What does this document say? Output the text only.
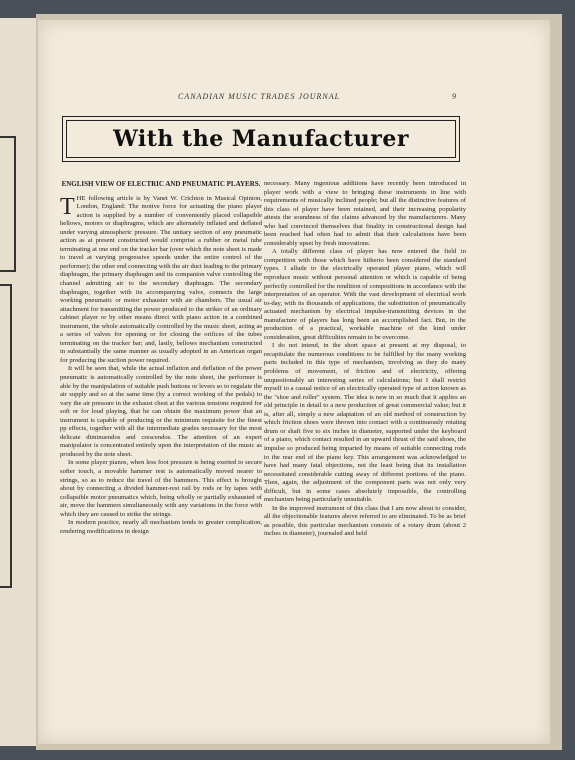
CANADIAN MUSIC TRADES JOURNAL	9
With the Manufacturer
ENGLISH VIEW OF ELECTRIC AND PNEUMATIC PLAYERS.

THE following article is by Vanet W. Crichton in Musical Opinion, London, England: The motive force for actuating the piano player action is supplied by a number of conveniently placed collapsible bellows, motors or diaphragms, which are alternately inflated and deflated under varying atmospheric pressure. The unitary section of any pneumatic action as at present constructed would comprise a rubber or metal tube terminating at one end on the tracker bar (over which the note sheet is made to travel at varying progressive speeds under the entire control of the performer); the other end connecting with the air duct leading to the primary diaphragm, the primary diaphragm and its companion valve controlling the channel admitting air to the secondary diaphragm. The secondary diaphragm, together with its accompanying valve, connects the large working pneumatic or motor exhauster with air chambers. The usual air attachment for transmitting the power produced to the striker of an ordinary cabinet player or by other means direct with piano action in a combined instrument, the whole automatically controlled by the music sheet, acting as a series of valves for opening or for closing the orifices of the tubes terminating on the tracker bar; and, lastly, bellows mechanism constructed in substantially the same manner as usually adopted in an American organ for producing the suction power required.

It will be seen that, while the actual inflation and deflation of the power pneumatic is automatically controlled by the note sheet, the performer is able by the manipulation of suitable push buttons or levers so to regulate the air supply and so at the same time (by a correct working of the pedals) to vary the air pressure in the exhaust chest at the various tensions required for soft or for loud playing, that he can obtain the maximum power that an instrument is capable of producing or the minimum requisite for the finest pp effects, together with all the intermediate grades necessary for the most delicate diminuendos and crescendos. The attention of an expert manipulator is concentrated entirely upon the interpretation of the music as produced by the note sheet.

In some player pianos, when less foot pressure is being exerted to secure softer touch, a movable hammer rest is automatically moved nearer to strings, so as to reduce the travel of the hammers. This effect is brought about by connecting a divided hammer-rest rail by rods or by tapes with collapsible motor pneumatics which, being wholly or partially exhausted of air, move the hammers simultaneously with any variations in the force with which they are caused to strike the strings.

In modern practice, nearly all mechanism tends to greater complication, rendering modifications in design

necessary. Many ingenious additions have recently been introduced in player work with a view to bringing these instruments in line with requirements of musically inclined people; but all the distinctive features of this class of player have been retained, and their increasing popularity attests the soundness of the claims advanced by the manufacturers. Many who had convinced themselves that finality in constructional design had been reached had often had to admit that their calculations have been considerably upset by fresh innovations.

A totally different class of player has now entered the field in competition with those which have hitherto been considered the standard types. I allude to the electrically operated player piano, which will reproduce music without personal attention or which is capable of being perfectly controlled for the rendition of compositions in accordance with the interpretation of an operator. With the vast development of electrical work to-day, with its thousands of applications, the substitution of pneumatically actuated mechanism by electrical impulse-transmitting devices in the manufacture of players has long been an accomplished fact. But, in the production of a practical, workable machine of the kind under consideration, great difficulties remain to be overcome.

I do not intend, in the short space at present at my disposal, to recapitulate the numerous conditions to be fulfilled by the many working parts included in this type of mechanism, involving as they do many problems of movement, of friction and of electricity, offering unquestionably an interesting series of calculations; but I shall restrict myself to a casual notice of an electrically operated type of action known as the "shoe and roller" system. The idea is new in so much that it applies an old principle in detail to a new production of great commercial value; but it is, after all, simply a new adaptation of an old method of construction by which friction shoes were thrown into contact with a continuously rotating drum or shaft five to six inches in diameter, supported under the keyboard of a piano, which contact resulted in an upward thrust of the said shoes, the impulse so produced being imparted by means of suitable connecting rods to the rear end of the piano key. This arrangement was acknowledged to have had many fatal objections, not the least being that its installation necessitated considerable cutting away of different portions of the piano. Then, again, the adjustment of the component parts was not only very difficult, but in some cases absolutely impossible, the controlling mechanism being particularly unsuitable.

In the improved instrument of this class that I am now about to consider, all the objectionable features above referred to are eliminated. To be as brief as possible, this particular mechanism consists of a rotary drum (about 2 inches in diameter), journaled and held
